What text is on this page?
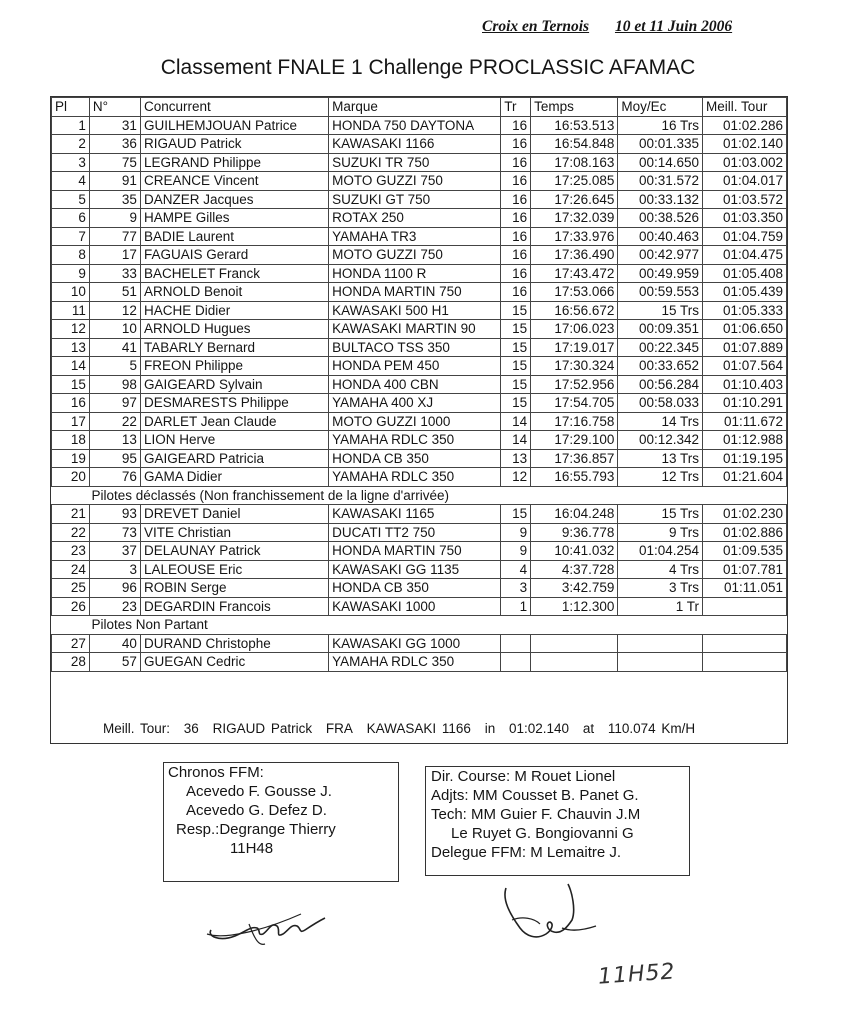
Croix en Ternois 10 et 11 Juin 2006
Classement FNALE 1 Challenge PROCLASSIC AFAMAC
Pl	N°	Concurrent	Marque	Tr	Temps	Moy/Ec	Meill. Tour
1	31	GUILHEMJOUAN Patrice	HONDA 750 DAYTONA	16	16:53.513	16 Trs	01:02.286
2	36	RIGAUD Patrick	KAWASAKI 1166	16	16:54.848	00:01.335	01:02.140
3	75	LEGRAND Philippe	SUZUKI TR 750	16	17:08.163	00:14.650	01:03.002
4	91	CREANCE Vincent	MOTO GUZZI 750	16	17:25.085	00:31.572	01:04.017
5	35	DANZER Jacques	SUZUKI GT 750	16	17:26.645	00:33.132	01:03.572
6	9	HAMPE Gilles	ROTAX 250	16	17:32.039	00:38.526	01:03.350
7	77	BADIE Laurent	YAMAHA TR3	16	17:33.976	00:40.463	01:04.759
8	17	FAGUAIS Gerard	MOTO GUZZI 750	16	17:36.490	00:42.977	01:04.475
9	33	BACHELET Franck	HONDA 1100 R	16	17:43.472	00:49.959	01:05.408
10	51	ARNOLD Benoit	HONDA MARTIN 750	16	17:53.066	00:59.553	01:05.439
11	12	HACHE Didier	KAWASAKI 500 H1	15	16:56.672	15 Trs	01:05.333
12	10	ARNOLD Hugues	KAWASAKI MARTIN 90	15	17:06.023	00:09.351	01:06.650
13	41	TABARLY Bernard	BULTACO TSS 350	15	17:19.017	00:22.345	01:07.889
14	5	FREON Philippe	HONDA PEM 450	15	17:30.324	00:33.652	01:07.564
15	98	GAIGEARD Sylvain	HONDA 400 CBN	15	17:52.956	00:56.284	01:10.403
16	97	DESMARESTS Philippe	YAMAHA 400 XJ	15	17:54.705	00:58.033	01:10.291
17	22	DARLET Jean Claude	MOTO GUZZI 1000	14	17:16.758	14 Trs	01:11.672
18	13	LION Herve	YAMAHA RDLC 350	14	17:29.100	00:12.342	01:12.988
19	95	GAIGEARD Patricia	HONDA CB 350	13	17:36.857	13 Trs	01:19.195
20	76	GAMA Didier	YAMAHA RDLC 350	12	16:55.793	12 Trs	01:21.604
Pilotes déclassés (Non franchissement de la ligne d'arrivée)							
21	93	DREVET Daniel	KAWASAKI 1165	15	16:04.248	15 Trs	01:02.230
22	73	VITE Christian	DUCATI TT2 750	9	9:36.778	9 Trs	01:02.886
23	37	DELAUNAY Patrick	HONDA MARTIN 750	9	10:41.032	01:04.254	01:09.535
24	3	LALEOUSE Eric	KAWASAKI GG 1135	4	4:37.728	4 Trs	01:07.781
25	96	ROBIN Serge	HONDA CB 350	3	3:42.759	3 Trs	01:11.051
26	23	DEGARDIN Francois	KAWASAKI 1000	1	1:12.300	1 Tr	
Pilotes Non Partant							
27	40	DURAND Christophe	KAWASAKI GG 1000				
28	57	GUEGAN Cedric	YAMAHA RDLC 350				
Meill. Tour: 36 RIGAUD Patrick FRA KAWASAKI 1166 in 01:02.140 at 110.074 Km/H
Chronos FFM:
Acevedo F. Gousse J.
Acevedo G. Defez D.
Resp.:Degrange Thierry
11H48
Dir. Course: M Rouet Lionel
Adjts: MM Cousset B. Panet G.
Tech: MM Guier F. Chauvin J.M
Le Ruyet G. Bongiovanni G
Delegue FFM: M Lemaitre J.
11H52
